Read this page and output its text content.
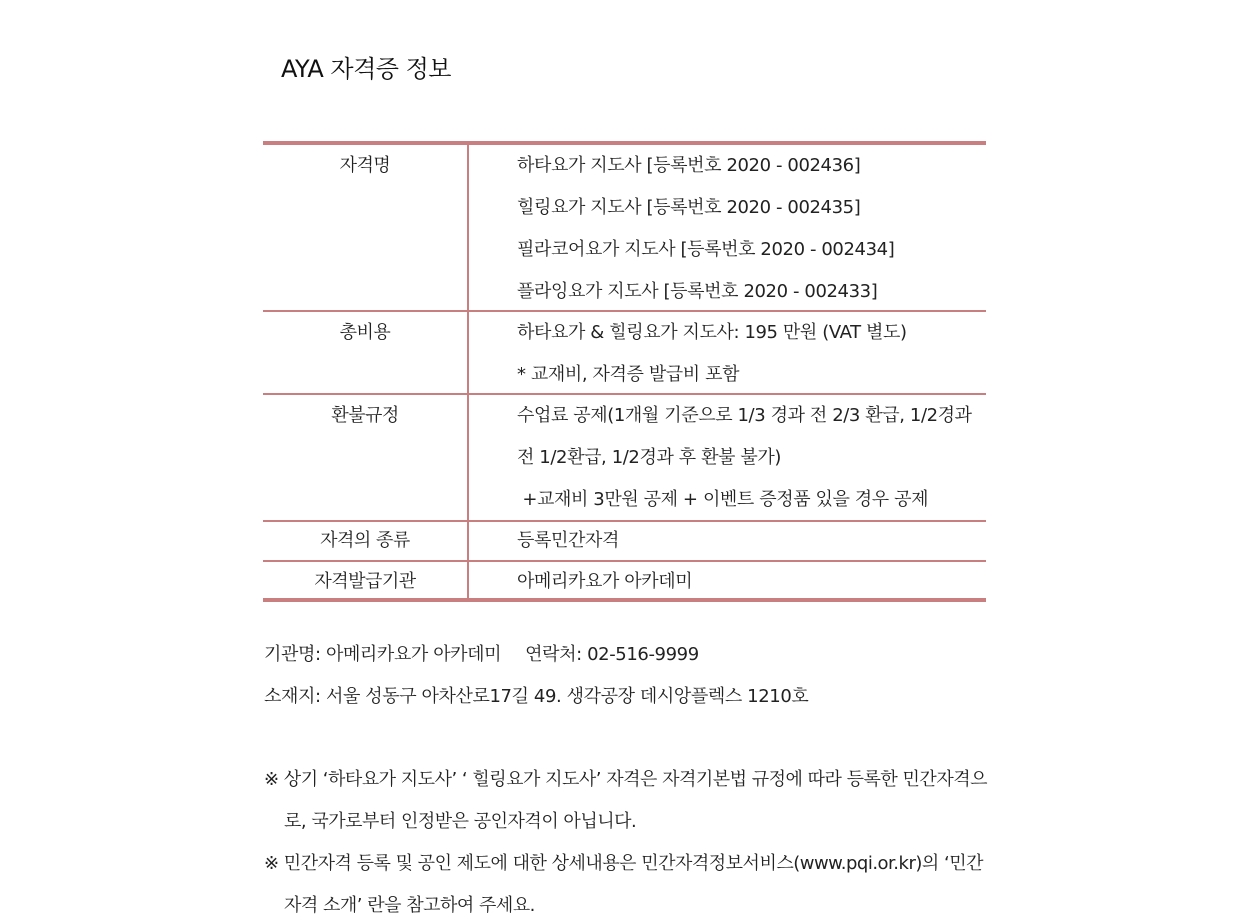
AYA 자격증 정보
자격명	하타요가 지도사 [등록번호 2020 - 002436]
힐링요가 지도사 [등록번호 2020 - 002435]
필라코어요가 지도사 [등록번호 2020 - 002434]
플라잉요가 지도사 [등록번호 2020 - 002433]
총비용	하타요가 & 힐링요가 지도사: 195 만원 (VAT 별도)
* 교재비, 자격증 발급비 포함
환불규정	수업료 공제(1개월 기준으로 1/3 경과 전 2/3 환급, 1/2경과
전 1/2환급, 1/2경과 후 환불 불가)
+교재비 3만원 공제 + 이벤트 증정품 있을 경우 공제
자격의 종류	등록민간자격
자격발급기관	아메리카요가 아카데미
기관명: 아메리카요가 아카데미 연락처: 02-516-9999
소재지: 서울 성동구 아차산로17길 49. 생각공장 데시앙플렉스 1210호
※ 상기 ‘하타요가 지도사’ ‘ 힐링요가 지도사’ 자격은 자격기본법 규정에 따라 등록한 민간자격으
로, 국가로부터 인정받은 공인자격이 아닙니다.
※ 민간자격 등록 및 공인 제도에 대한 상세내용은 민간자격정보서비스(www.pqi.or.kr)의 ‘민간
자격 소개’ 란을 참고하여 주세요.
